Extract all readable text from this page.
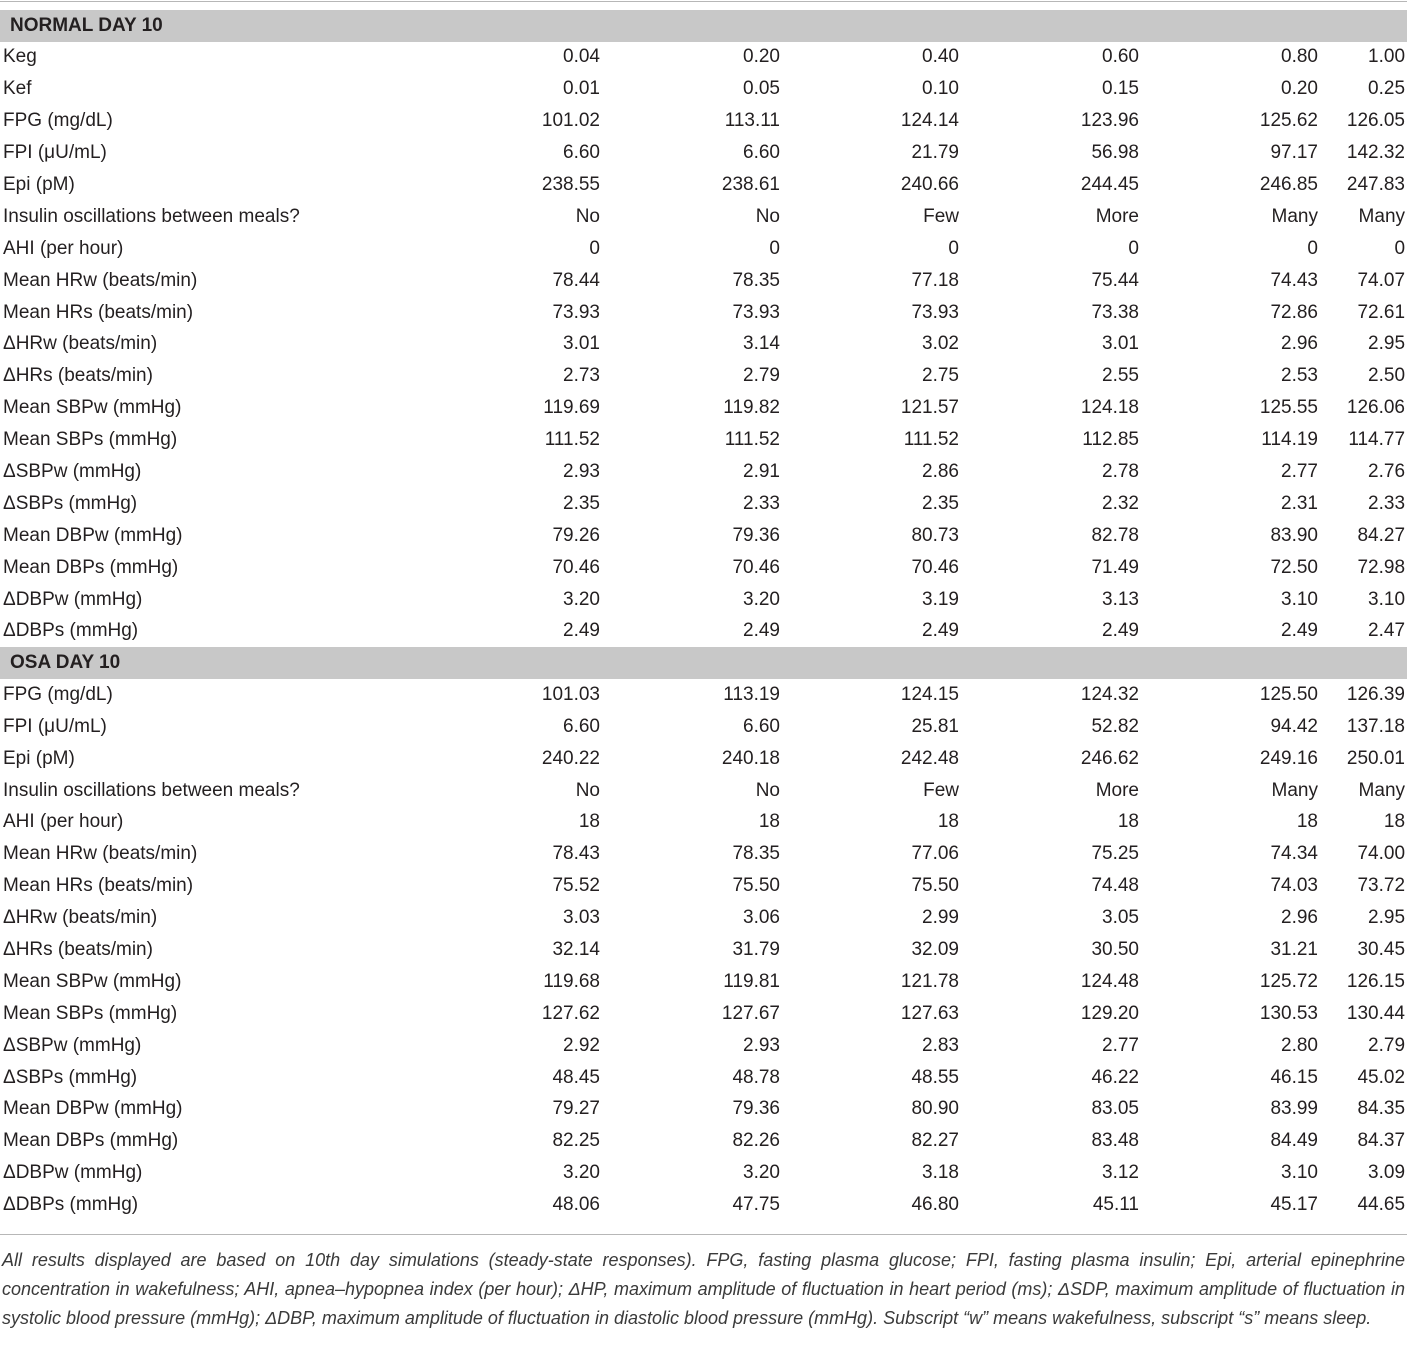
NORMAL DAY 10						
Keg	0.04	0.20	0.40	0.60	0.80	1.00
Kef	0.01	0.05	0.10	0.15	0.20	0.25
FPG (mg/dL)	101.02	113.11	124.14	123.96	125.62	126.05
FPI (μU/mL)	6.60	6.60	21.79	56.98	97.17	142.32
Epi (pM)	238.55	238.61	240.66	244.45	246.85	247.83
Insulin oscillations between meals?	No	No	Few	More	Many	Many
AHI (per hour)	0	0	0	0	0	0
Mean HRw (beats/min)	78.44	78.35	77.18	75.44	74.43	74.07
Mean HRs (beats/min)	73.93	73.93	73.93	73.38	72.86	72.61
ΔHRw (beats/min)	3.01	3.14	3.02	3.01	2.96	2.95
ΔHRs (beats/min)	2.73	2.79	2.75	2.55	2.53	2.50
Mean SBPw (mmHg)	119.69	119.82	121.57	124.18	125.55	126.06
Mean SBPs (mmHg)	111.52	111.52	111.52	112.85	114.19	114.77
ΔSBPw (mmHg)	2.93	2.91	2.86	2.78	2.77	2.76
ΔSBPs (mmHg)	2.35	2.33	2.35	2.32	2.31	2.33
Mean DBPw (mmHg)	79.26	79.36	80.73	82.78	83.90	84.27
Mean DBPs (mmHg)	70.46	70.46	70.46	71.49	72.50	72.98
ΔDBPw (mmHg)	3.20	3.20	3.19	3.13	3.10	3.10
ΔDBPs (mmHg)	2.49	2.49	2.49	2.49	2.49	2.47
OSA DAY 10						
FPG (mg/dL)	101.03	113.19	124.15	124.32	125.50	126.39
FPI (μU/mL)	6.60	6.60	25.81	52.82	94.42	137.18
Epi (pM)	240.22	240.18	242.48	246.62	249.16	250.01
Insulin oscillations between meals?	No	No	Few	More	Many	Many
AHI (per hour)	18	18	18	18	18	18
Mean HRw (beats/min)	78.43	78.35	77.06	75.25	74.34	74.00
Mean HRs (beats/min)	75.52	75.50	75.50	74.48	74.03	73.72
ΔHRw (beats/min)	3.03	3.06	2.99	3.05	2.96	2.95
ΔHRs (beats/min)	32.14	31.79	32.09	30.50	31.21	30.45
Mean SBPw (mmHg)	119.68	119.81	121.78	124.48	125.72	126.15
Mean SBPs (mmHg)	127.62	127.67	127.63	129.20	130.53	130.44
ΔSBPw (mmHg)	2.92	2.93	2.83	2.77	2.80	2.79
ΔSBPs (mmHg)	48.45	48.78	48.55	46.22	46.15	45.02
Mean DBPw (mmHg)	79.27	79.36	80.90	83.05	83.99	84.35
Mean DBPs (mmHg)	82.25	82.26	82.27	83.48	84.49	84.37
ΔDBPw (mmHg)	3.20	3.20	3.18	3.12	3.10	3.09
ΔDBPs (mmHg)	48.06	47.75	46.80	45.11	45.17	44.65
All results displayed are based on 10th day simulations (steady-state responses). FPG, fasting plasma glucose; FPI, fasting plasma insulin; Epi, arterial epinephrine concentration in wakefulness; AHI, apnea–hypopnea index (per hour); ΔHP, maximum amplitude of fluctuation in heart period (ms); ΔSDP, maximum amplitude of fluctuation in systolic blood pressure (mmHg); ΔDBP, maximum amplitude of fluctuation in diastolic blood pressure (mmHg). Subscript “w” means wakefulness, subscript “s” means sleep.
